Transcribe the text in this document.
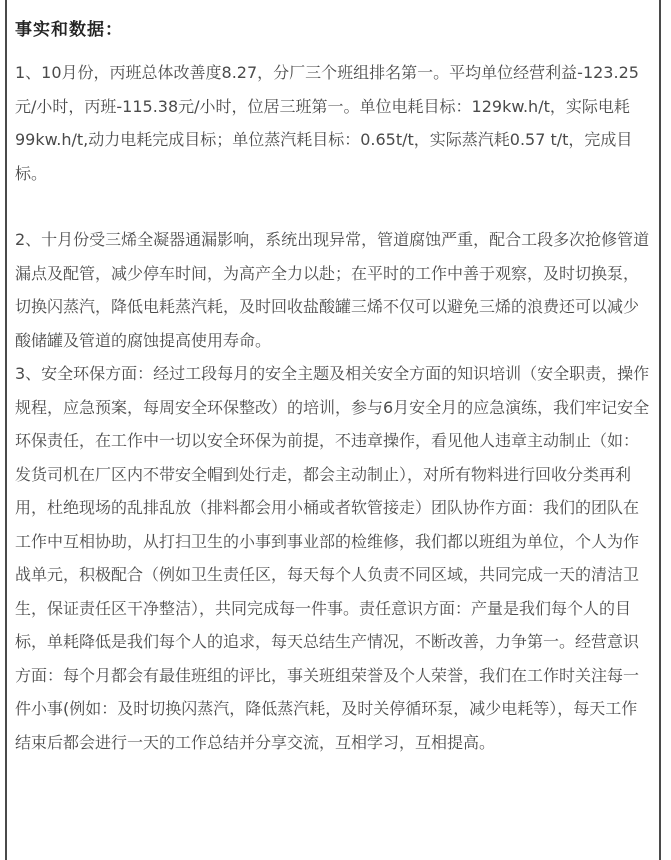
事实和数据：

1、10月份，丙班总体改善度8.27，分厂三个班组排名第一。平均单位经营利益-123.25元/小时，丙班-115.38元/小时，位居三班第一。单位电耗目标：129kw.h/t，实际电耗99kw.h/t,动力电耗完成目标；单位蒸汽耗目标：0.65t/t，实际蒸汽耗0.57 t/t，完成目标。

2、十月份受三烯全凝器通漏影响，系统出现异常，管道腐蚀严重，配合工段多次抢修管道漏点及配管，减少停车时间，为高产全力以赴；在平时的工作中善于观察，及时切换泵，切换闪蒸汽，降低电耗蒸汽耗，及时回收盐酸罐三烯不仅可以避免三烯的浪费还可以减少酸储罐及管道的腐蚀提高使用寿命。

3、安全环保方面：经过工段每月的安全主题及相关安全方面的知识培训（安全职责，操作规程，应急预案，每周安全环保整改）的培训，参与6月安全月的应急演练，我们牢记安全环保责任，在工作中一切以安全环保为前提，不违章操作，看见他人违章主动制止（如：发货司机在厂区内不带安全帽到处行走，都会主动制止），对所有物料进行回收分类再利用，杜绝现场的乱排乱放（排料都会用小桶或者软管接走）团队协作方面：我们的团队在工作中互相协助，从打扫卫生的小事到事业部的检维修，我们都以班组为单位，个人为作战单元，积极配合（例如卫生责任区，每天每个人负责不同区域，共同完成一天的清洁卫生，保证责任区干净整洁），共同完成每一件事。责任意识方面：产量是我们每个人的目标，单耗降低是我们每个人的追求，每天总结生产情况，不断改善，力争第一。经营意识方面：每个月都会有最佳班组的评比，事关班组荣誉及个人荣誉，我们在工作时关注每一件小事(例如：及时切换闪蒸汽，降低蒸汽耗，及时关停循环泵，减少电耗等），每天工作结束后都会进行一天的工作总结并分享交流，互相学习，互相提高。
